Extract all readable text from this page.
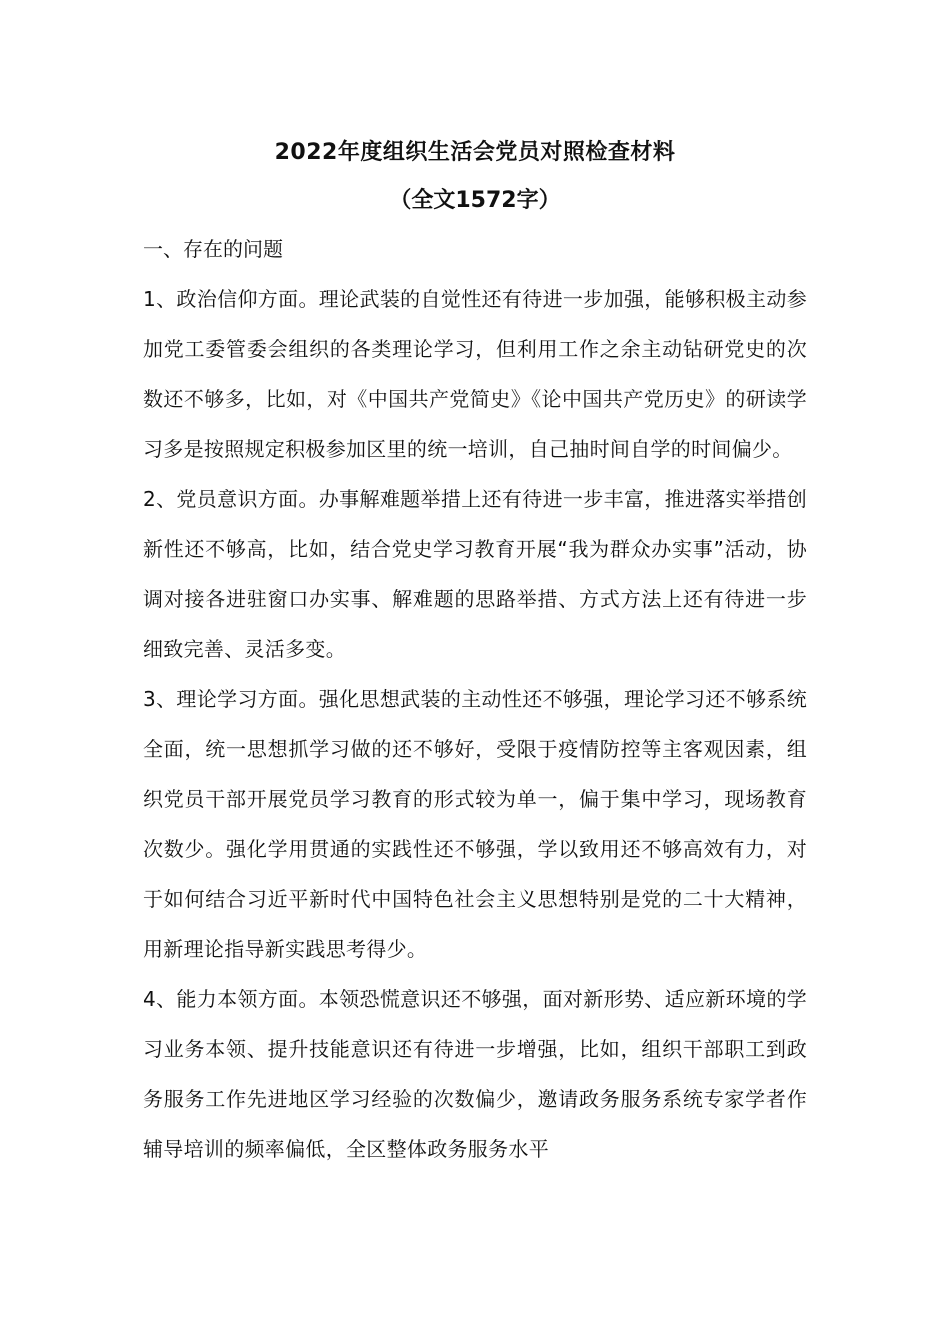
2022年度组织生活会党员对照检查材料

（全文1572字）

一、存在的问题

1、政治信仰方面。理论武装的自觉性还有待进一步加强，能够积极主动参加党工委管委会组织的各类理论学习，但利用工作之余主动钻研党史的次数还不够多，比如，对《中国共产党简史》《论中国共产党历史》的研读学习多是按照规定积极参加区里的统一培训，自己抽时间自学的时间偏少。

2、党员意识方面。办事解难题举措上还有待进一步丰富，推进落实举措创新性还不够高，比如，结合党史学习教育开展“我为群众办实事”活动，协调对接各进驻窗口办实事、解难题的思路举措、方式方法上还有待进一步细致完善、灵活多变。

3、理论学习方面。强化思想武装的主动性还不够强，理论学习还不够系统全面，统一思想抓学习做的还不够好，受限于疫情防控等主客观因素，组织党员干部开展党员学习教育的形式较为单一，偏于集中学习，现场教育次数少。强化学用贯通的实践性还不够强，学以致用还不够高效有力，对于如何结合习近平新时代中国特色社会主义思想特别是党的二十大精神，用新理论指导新实践思考得少。

4、能力本领方面。本领恐慌意识还不够强，面对新形势、适应新环境的学习业务本领、提升技能意识还有待进一步增强，比如，组织干部职工到政务服务工作先进地区学习经验的次数偏少，邀请政务服务系统专家学者作辅导培训的频率偏低，全区整体政务服务水平
